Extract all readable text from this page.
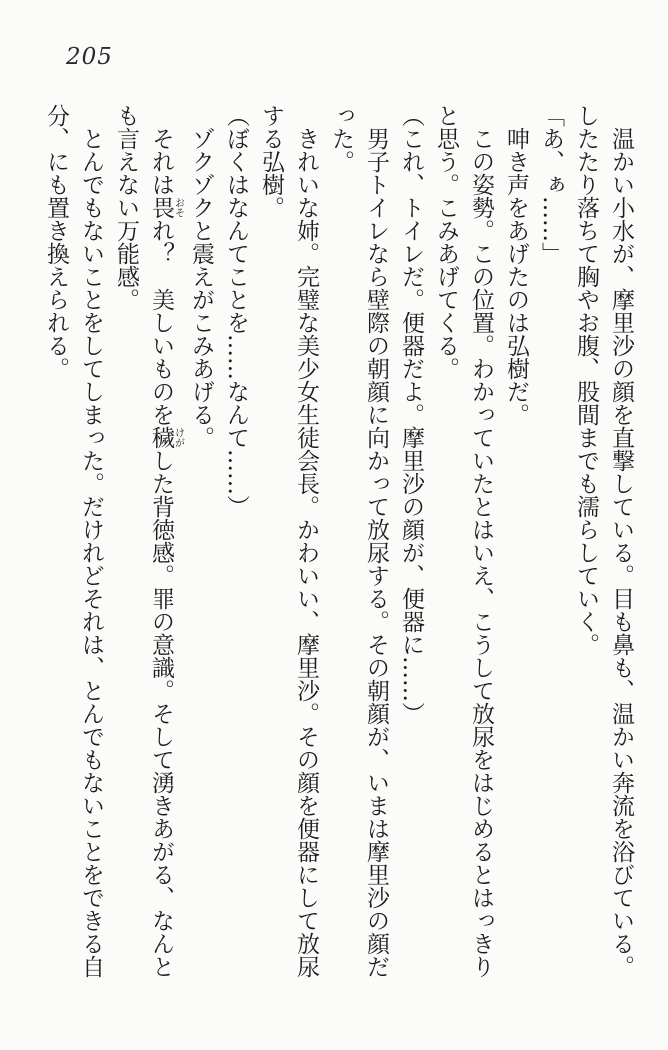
205

　温かい小水が、摩里沙の顔を直撃している。目も鼻も、温かい奔流を浴びている。したたり落ちて胸やお腹、股間までも濡らしていく。

「あ、ぁ……」

　呻き声をあげたのは弘樹だ。

　この姿勢。この位置。わかっていたとはいえ、こうして放尿をはじめるとはっきりと思う。こみあげてくる。

（これ、トイレだ。便器だよ。摩里沙の顔が、便器に……）

　男子トイレなら壁際の朝顔に向かって放尿する。その朝顔が、いまは摩里沙の顔だった。

　きれいな姉。完璧な美少女生徒会長。かわいい、摩里沙。その顔を便器にして放尿する弘樹。

（ぼくはなんてことを……なんて……）

　ゾクゾクと震えがこみあげる。

　それは畏おそれ？　美しいものを穢けがした背徳感。罪の意識。そして湧きあがる、なんとも言えない万能感。

　とんでもないことをしてしまった。だけれどそれは、とんでもないことをできる自分、にも置き換えられる。
